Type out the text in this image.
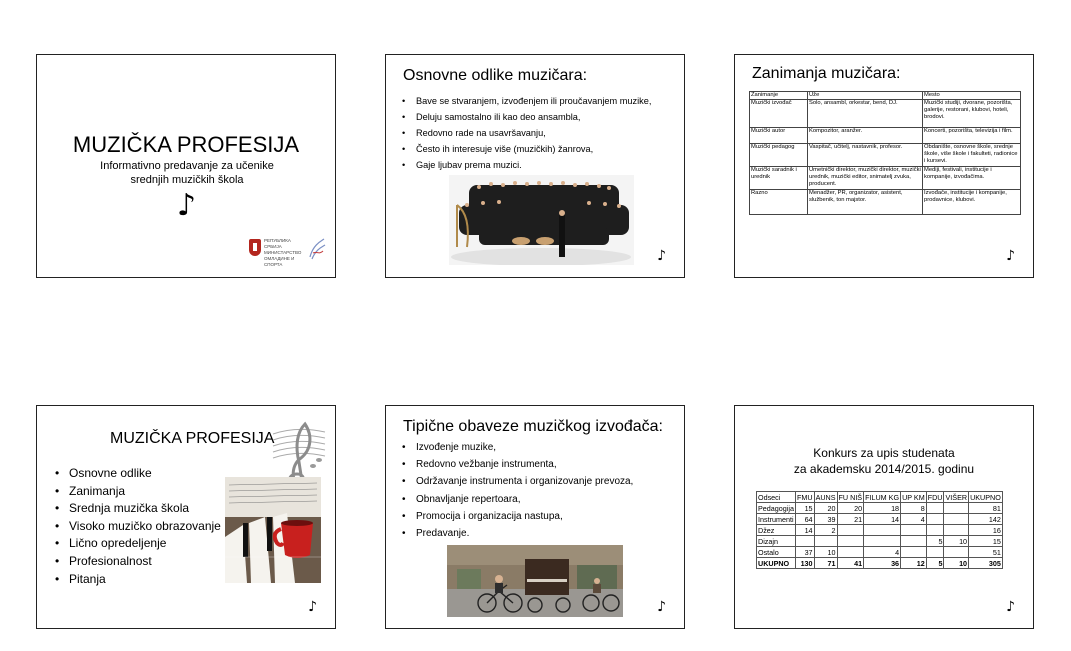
MUZIČKA PROFESIJA
Informativno predavanje za učenike
srednjih muzičkih škola
♪
РЕПУБЛИКА СРБИЈА
МИНИСТАРСТВО
ОМЛАДИНЕ И
СПОРТА
Osnovne odlike muzičara:
• Bave se stvaranjem, izvođenjem ili proučavanjem muzike,
• Deluju samostalno ili kao deo ansambla,
• Redovno rade na usavršavanju,
• Često ih interesuje više (muzičkih) žanrova,
• Gaje ljubav prema muzici.
♪
Zanimanja muzičara:
Zanimanje	Uže	Mesto
Muzički izvođač	Solo, ansambl, orkestar, bend, DJ.	Muzički studiji, dvorane, pozorišta, galerije, restorani, klubovi, hoteli, brodovi.
Muzički autor	Kompozitor, aranžer.	Koncerti, pozorišta, televizija i film.
Muzički pedagog	Vaspitač, učitelj, nastavnik, profesor.	Obdanište, osnovne škole, srednje škole, više škole i fakulteti, radionice i kursevi.
Muzički saradnik i urednik	Umetnički direktor, muzički direktor, muzički urednik, muzički editor, snimatelj zvuka, producent.	Mediji, festivali, institucije i kompanije, izvođačima.
Razno	Menadžer, PR, organizator, asistent, službenik, ton majstor.	Izvođače, institucije i kompanije, prodavnice, klubovi.
♪
MUZIČKA PROFESIJA
• Osnovne odlike
• Zanimanja
• Srednja muzička škola
• Visoko muzičko obrazovanje
• Lično opredeljenje
• Profesionalnost
• Pitanja
♪
Tipične obaveze muzičkog izvođača:
• Izvođenje muzike,
• Redovno vežbanje instrumenta,
• Održavanje instrumenta i organizovanje prevoza,
• Obnavljanje repertoara,
• Promocija i organizacija nastupa,
• Predavanje.
♪
Konkurs za upis studenata
za akademsku 2014/2015. godinu
Odseci	FMU	AUNS	FU NIŠ	FILUM KG	UP KM	FDU	VIŠER	UKUPNO
Pedagogija	15	20	20	18	8			81
Instrumenti	64	39	21	14	4			142
Džez	14	2						16
Dizajn						5	10	15
Ostalo	37	10		4				51
UKUPNO	130	71	41	36	12	5	10	305
♪
